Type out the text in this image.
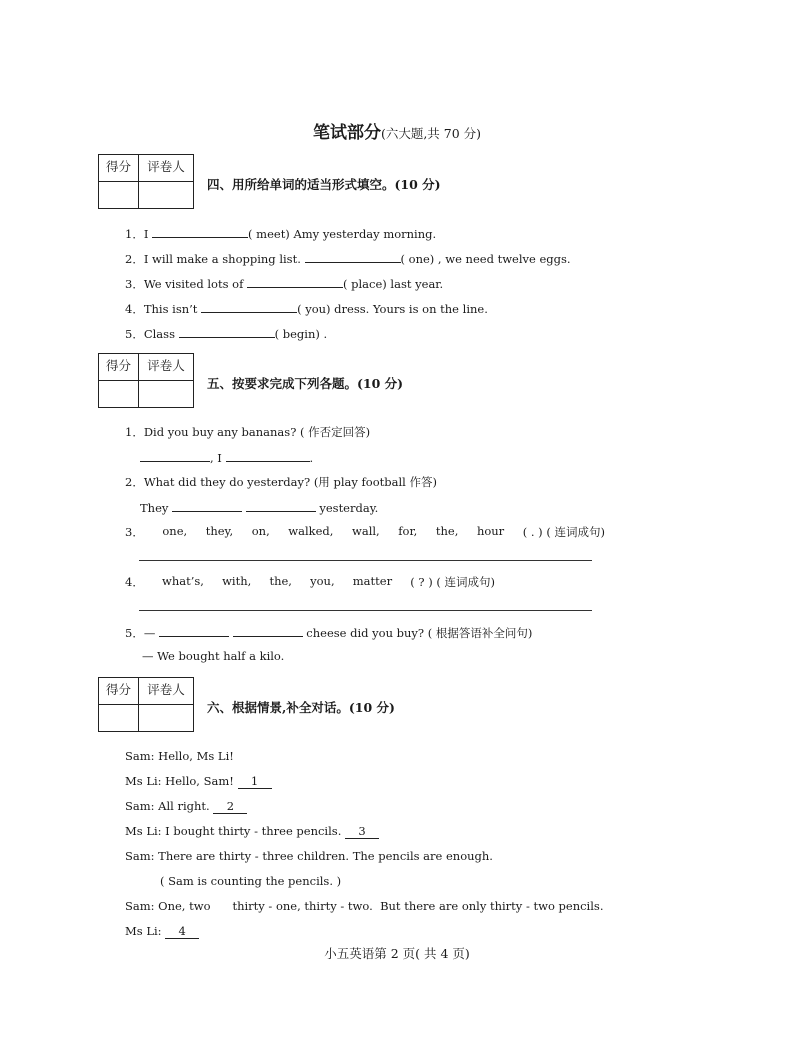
笔试部分(六大题,共 70 分)
得分	评卷人
四、用所给单词的适当形式填空。(10 分)
1．I	( meet) Amy yesterday morning.
2．I will make a shopping list.	( one) , we need twelve eggs.
3．We visited lots of	( place) last year.
4．This isn’t	( you) dress. Yours is on the line.
5．Class	( begin) .
得分	评卷人
五、按要求完成下列各题。(10 分)
1．Did you buy any bananas? ( 作否定回答)
, I	.
2．What did they do yesterday? (用 play football 作答)
They	yesterday.
3． one, they, on, walked, wall, for, the, hour ( . ) ( 连词成句)
4． what’s, with, the, you, matter ( ? ) ( 连词成句)
5．—	cheese did you buy? ( 根据答语补全问句)
— We bought half a kilo.
得分	评卷人
六、根据情景,补全对话。(10 分)
Sam: Hello, Ms Li!
Ms Li: Hello, Sam! 1
Sam: All right. 2
Ms Li: I bought thirty - three pencils. 3
Sam: There are thirty - three children. The pencils are enough.
( Sam is counting the pencils. )
Sam: One, two      thirty - one, thirty - two.  But there are only thirty - two pencils.
Ms Li: 4
小五英语第 2 页( 共 4 页)
